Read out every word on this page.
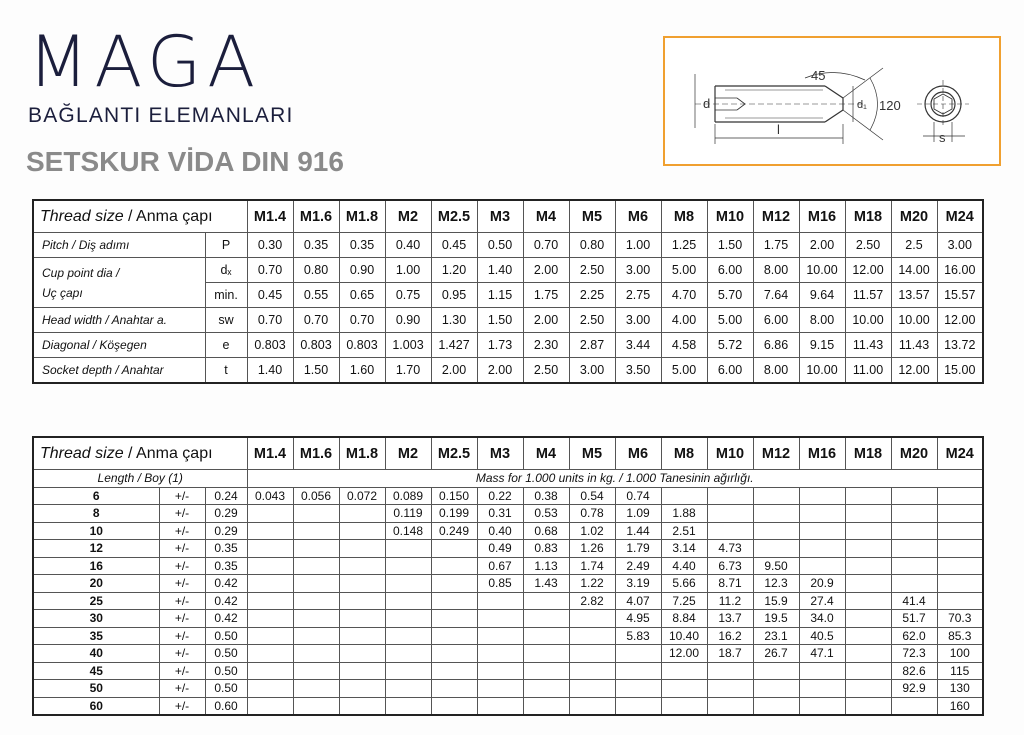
MAGA
BAĞLANTI ELEMANLARI
SETSKUR VİDA DIN 916
45
d	d₁ 120
l
s
Thread size / Anma çapı		M1.4	M1.6	M1.8	M2	M2.5	M3	M4	M5	M6	M8	M10	M12	M16	M18	M20	M24
Pitch / Diş adımı	P	0.30	0.35	0.35	0.40	0.45	0.50	0.70	0.80	1.00	1.25	1.50	1.75	2.00	2.50	2.5	3.00
Cup point dia /
Uç çapı	dₓ	0.70	0.80	0.90	1.00	1.20	1.40	2.00	2.50	3.00	5.00	6.00	8.00	10.00	12.00	14.00	16.00
	min.	0.45	0.55	0.65	0.75	0.95	1.15	1.75	2.25	2.75	4.70	5.70	7.64	9.64	11.57	13.57	15.57
Head width / Anahtar a.	sw	0.70	0.70	0.70	0.90	1.30	1.50	2.00	2.50	3.00	4.00	5.00	6.00	8.00	10.00	10.00	12.00
Diagonal / Köşegen	e	0.803	0.803	0.803	1.003	1.427	1.73	2.30	2.87	3.44	4.58	5.72	6.86	9.15	11.43	11.43	13.72
Socket depth / Anahtar	t	1.40	1.50	1.60	1.70	2.00	2.00	2.50	3.00	3.50	5.00	6.00	8.00	10.00	11.00	12.00	15.00
Thread size / Anma çapı			M1.4	M1.6	M1.8	M2	M2.5	M3	M4	M5	M6	M8	M10	M12	M16	M18	M20	M24
Length / Boy (1)			Mass for 1.000 units in kg. / 1.000 Tanesinin ağırlığı.															
6	+/-	0.24	0.043	0.056	0.072	0.089	0.150	0.22	0.38	0.54	0.74							
8	+/-	0.29				0.119	0.199	0.31	0.53	0.78	1.09	1.88						
10	+/-	0.29				0.148	0.249	0.40	0.68	1.02	1.44	2.51						
12	+/-	0.35						0.49	0.83	1.26	1.79	3.14	4.73					
16	+/-	0.35						0.67	1.13	1.74	2.49	4.40	6.73	9.50				
20	+/-	0.42						0.85	1.43	1.22	3.19	5.66	8.71	12.3	20.9			
25	+/-	0.42								2.82	4.07	7.25	11.2	15.9	27.4		41.4	
30	+/-	0.42									4.95	8.84	13.7	19.5	34.0		51.7	70.3
35	+/-	0.50									5.83	10.40	16.2	23.1	40.5		62.0	85.3
40	+/-	0.50										12.00	18.7	26.7	47.1		72.3	100
45	+/-	0.50															82.6	115
50	+/-	0.50															92.9	130
60	+/-	0.60																160
